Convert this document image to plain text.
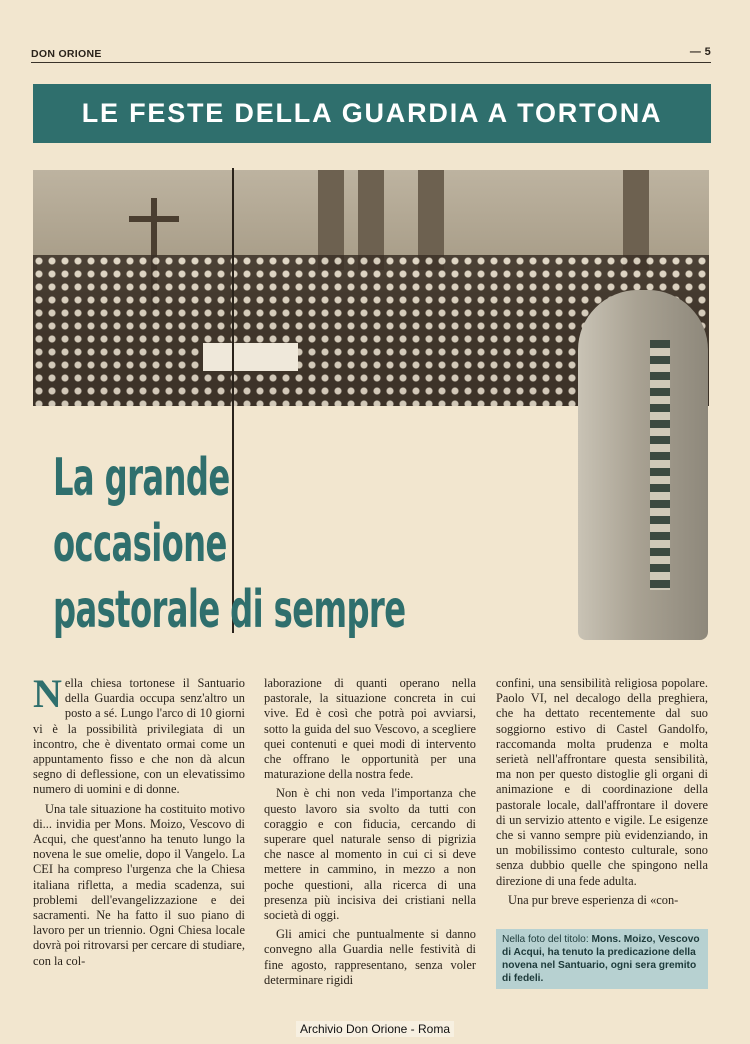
DON ORIONE	— 5
LE FESTE DELLA GUARDIA A TORTONA
La grande
occasione
pastorale di sempre

Nella chiesa tortonese il Santuario della Guardia occupa senz'altro un posto a sé. Lungo l'arco di 10 giorni vi è la possibilità privilegiata di un incontro, che è diventato ormai come un appuntamento fisso e che non dà alcun segno di deflessione, con un elevatissimo numero di uomini e di donne.

Una tale situazione ha costituito motivo di... invidia per Mons. Moizo, Vescovo di Acqui, che quest'anno ha tenuto lungo la novena le sue omelie, dopo il Vangelo. La CEI ha compreso l'urgenza che la Chiesa italiana rifletta, a media scadenza, sui problemi dell'evangelizzazione e dei sacramenti. Ne ha fatto il suo piano di lavoro per un triennio. Ogni Chiesa locale dovrà poi ritrovarsi per cercare di studiare, con la col-

laborazione di quanti operano nella pastorale, la situazione concreta in cui vive. Ed è così che potrà poi avviarsi, sotto la guida del suo Vescovo, a scegliere quei contenuti e quei modi di intervento che offrano le opportunità per una maturazione della nostra fede.

Non è chi non veda l'importanza che questo lavoro sia svolto da tutti con coraggio e con fiducia, cercando di superare quel naturale senso di pigrizia che nasce al momento in cui ci si deve mettere in cammino, in mezzo a non poche questioni, alla ricerca di una presenza più incisiva dei cristiani nella società di oggi.

Gli amici che puntualmente si danno convegno alla Guardia nelle festività di fine agosto, rappresentano, senza voler determinare rigidi

confini, una sensibilità religiosa popolare. Paolo VI, nel decalogo della preghiera, che ha dettato recentemente dal suo soggiorno estivo di Castel Gandolfo, raccomanda molta prudenza e molta serietà nell'affrontare questa sensibilità, ma non per questo distoglie gli organi di animazione e di coordinazione della pastorale locale, dall'affrontare il dovere di un servizio attento e vigile. Le esigenze che si vanno sempre più evidenziando, in un mobilissimo contesto culturale, sono senza dubbio quelle che spingono nella direzione di una fede adulta.

Una pur breve esperienza di «con-

Nella foto del titolo: Mons. Moizo, Vescovo di Acqui, ha tenuto la predicazione della novena nel Santuario, ogni sera gremito di fedeli.
Archivio Don Orione - Roma
